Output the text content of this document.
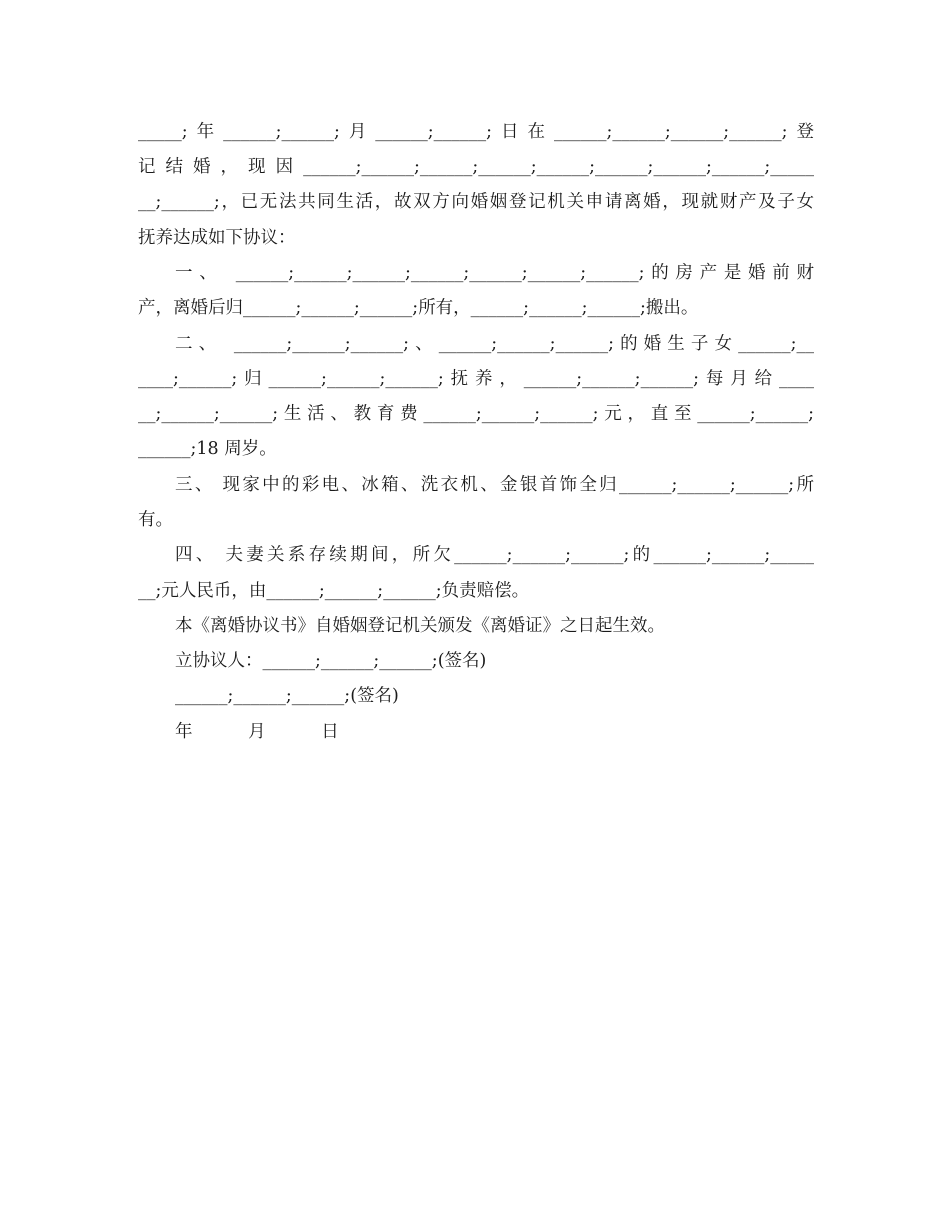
_____;年______;______;月______;______;日在______;______;______;______;登
记结婚，现因______;______;______;______;______;______;______;______;_____
__;______;，已无法共同生活，故双方向婚姻登记机关申请离婚，现就财产及子女
抚养达成如下协议：
一、 ______;______;______;______;______;______;______;的房产是婚前财
产，离婚后归______;______;______;所有，______;______;______;搬出。
二、 ______;______;______;、______;______;______;的婚生子女______;__
____;______;归______;______;______;抚养，______;______;______;每月给____
__;______;______;生活、教育费______;______;______;元，直至______;______;
______;18 周岁。
三、 现家中的彩电、冰箱、洗衣机、金银首饰全归______;______;______;所
有。
四、 夫妻关系存续期间，所欠______;______;______;的______;______;_____
__;元人民币，由______;______;______;负责赔偿。
本《离婚协议书》自婚姻登记机关颁发《离婚证》之日起生效。
立协议人：______;______;______;(签名)
______;______;______;(签名)
年          月          日
